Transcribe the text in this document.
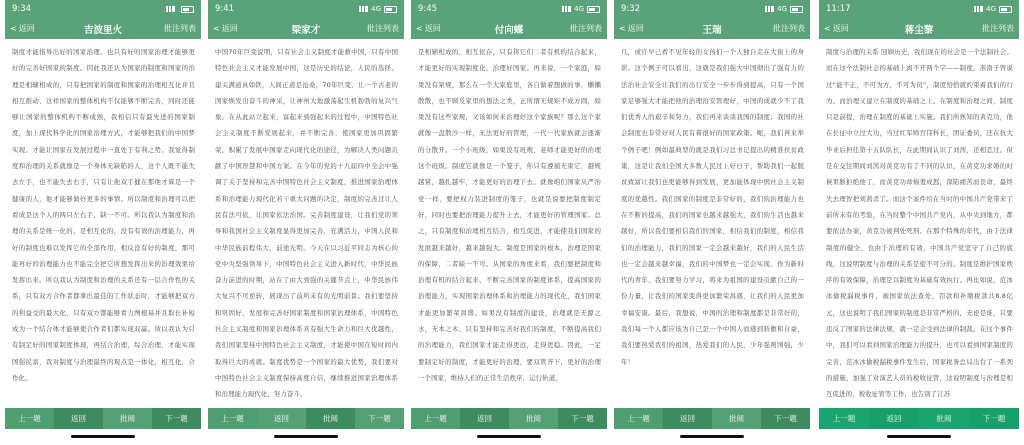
9:34
< 返回	吉波里火	批注列表
制度才能指导出好的国家治理。也只有好的国家治理才能够更好的完善好国家的制度。因此我还认为国家的制度和国家的治理是相辅相成的，只有把国家的制度和国家的治理相互化并且相互推动，这样国家的整体机构不仅能够不断完善，同时还能够让国家的整体机构不断成熟，我相信只有最先进的国家制度，加上现代科学化的国家治理方式，才能够把我们的中国梦实现。才能让国家在发展过程中一直处于有利之势。我觉得制度和治理的关系就像是一个身体无缺陷的人，这个人既不能失去左手，也不能失去右手，只有让他双手健在那他才算是一个健康的人，他才能够做好更多的事情。所以制度和治理可以把看成是这个人的两只左右手，缺一不可。所以我认为制度和治理的关系是统一化的，是相互化的，没有有效的治理能力，再好的制度也难以发挥它的全部作用，相反没有好的制度，那可能再好的治理能力也不能完全把它所想发挥出来的治理效果给发挥出来。所以我认为制度和治理的关系还有一层合作性的关系，只有双方合作者都拿出最佳的工作状态时，才能够把双方的利益受的最大化，只有双方都能够看力图根基并且取长补短成为一个结合体才能够使合作者们都实现双赢。所以我认为只有制定好的国家制度体现，再结合治理，综合治理，才能实现国强民富，我对制度与治理最终的观点是一体化，相互化，合作化。
上一题	返回	批阅	下一题
9:41	4G
< 返回	梁家才	批注列表
中国70年巨变说明，只有社会主义制度才能救中国，只有中国特色社会主义才能发展中国，这是历史的结论，人民的选择。建关满道真如铁，人间正道是沧桑，70年巨变，让一个古老的国家焕发出奋斗的神采，让神州大地激荡起生机勃勃的复兴气象。在从此站立起来，富起来到强起来的过程中，中国特色社会主义制度不断发展起来，并不断完善，使国家更加巩固繁荣，积累了发展中国家走向现代化的途径，为解决人类问题贡献了中国智慧和中国方案。在今年的党的十九届四中全会中强调了关于坚持和完善中国特色社会主义制度，推进国家治理体系和治理能力现代化若干重大问题的决定，制度的完善过让人民有法可依，让国家依法治国。完善制度建设，让我们党的领导和我国社会主义制度显得更加完善，充满活力，中国人民和中华民族前程伟大，前途光明。今天在以习近平同志为核心的党中央坚强领导下，中国特色社会主义进入新时代，中华民族奋力前进的时期，站在了由大到强的关键节点上，中华民族伟大复兴不可逆转，展现出了前所未有的光明前景。我们要坚持和巩固好、发展和完善好国家制度和国家治理体系，中国特色社会主义制度和国家治理体系具有强大生命力和巨大优越性，我们国家坚持中国特色社会主义制度，才能使中国在短时间内取得巨大的成就。制度优势是一个国家的最大优势，我们要对中国特色社会主义制度保持高度自信，继续推进国家治理体系和治理能力现代化，努力奋斗。
上一题	返回	批阅	下一题
9:45	4G
< 返回	付向蝶	批注列表
是相辅相成的，相互依存，只有将它们二者有机的结合起来，才能更好的实现制度化，治理好国家。再来说，一个家庭，如果没有家规，那么在一个大家庭里，各自做着想做的事，懒懒散散，也不顾及家里的想法之类，正所谓无规矩不成方圆，如果没有这些家规，又该如何来治理好这个家族呢？那么这个家就像一盘散沙一样，无法更好的管理，一代一代家族就会逐渐的分散开。一个小班级，如果没有班规，老师才能更好的治理这个班级。制度它就像是一个笼子，你只有遵循无束它，越规越紧，越扎越牢，才能更好的治理下去。就像咱们国家从严治党一样，要把权力装进制度的笼子，也就是说要把制度制定好，同时也要把治理能力提升上去，才能更好的管理国家。总之，只有制度和治理相互结合，相互促进，才能使我们国家的发展越来越好，越来越强大。制度是国家的根本，治理是国家的保障，二者缺一不可。从国家的角度来看，我们要把制度和治理有机的结合起来，不断完善国家的制度体系，提高国家的治理能力，实现国家治理体系和治理能力的现代化，我们国家才能更加繁荣昌盛。如果没有制度的建设，治理就是无源之水，无本之木，只有坚持和完善好我们的制度，不断提高我们的治理能力，我们国家才能走得更远，走得更稳。因此，一定要制定好的制度，才能更好的治理，要双管齐下，更好的治理一个国家，维持人们的正常生活秩序，运行轨道。
上一题	返回	批阅	下一题
9:32	4G
< 返回	王瑞	批注列表
几，或许早已看不见年轻的女孩们一个人独自走在大街上的身影。这个例子可以看出，这就是我们强大中国彻出了强有力的法治社会安全让我们的出行安全一步步得到提高，只有一个国家足够强大才能把他的治理治安管理好，中国的成就少不了我们优秀人的艰辛和努力，我们再来谈谈我国的制度；我国的社会制度也非常好对人民有着很好的国家政策。呃，我们再来举个例子吧！例如最典型的就是我们习总书记提出的精准扶贫政策，这是让我们全国大多数人民过上好日子，帮助我们一起脱贫致富让我们也更能够得到发展，更加能体现中国社会主义制度的优越性。我们国家的制度是非常好的，我们的治理能力也在不断的提高，我们的国家也越来越强大，我们的生活也越来越好，所以我们要相信我们的国家，相信我们的制度，相信我们的治理能力，我们的国家一定会越来越好，我们的人民生活也一定会越来越幸福，我们的中国梦也一定会实现。作为新时代的青年，我们要努力学习，将来为祖国的建设贡献自己的一份力量，让我们的国家变得更加繁荣昌盛，让我们的人民更加幸福安康。最后，我想说，中国的治理和制度都是非常好的，我们每一个人都应该为自己是一个中国人而感到骄傲和自豪，我们要热爱我们的祖国，热爱我们的人民，少年强则国强，少年！
上一题	返回	批阅	下一题
11:17	4G
< 返回	蒋尘黎	批注列表
制度与治理的关系 回顾历史，我们现在的社会是一个法制社会。而在这个法制社会的基础上离不开两个字——制度。准南子曾说过“能不正，不可为方，不可为员”，制度恰恰就约束着我们的行为。而治理又建立在制度的基础之上。在制度和治理之间，制度只是前提，治理在制度的基础上实施。我们所熟知的黄克功，他在长征中立过大功，当过红军师宫伟科长，团证委员，还在抗大毕业后担任第十五队队长，在此期间认识了刘茜，还相恋过。但是在交往期间刘茜对黄克功有了不同的认识，在黄克功求婚的时候果断拒绝他了，而黄克功却恼羞成怒，深陷痛苦而丧命，最终失去理智把刘茜杀了。而这个案件给在当时的中国共产党带来了前所未有的考验，在当时整个中国共产党内，从中央到地方，都要依法办案，黄克功被判处死刑。在那个特殊的年代，由于法律制度的健全，也由于治理的有效，中国共产党坚守了自己的底线，这说明制度与治理的关系是密不可分的。制度是维护国家秩序的有效保障，治理是以制度为基础有效执行。再比如说，范冰冰偷税漏税事件，被国家依法查处，罚款和补缴税款共8.8亿元，这也说明了我们国家的制度是非常严格的，无论是谁，只要违反了国家的法律法规，就一定会受到法律的制裁。在这个事件中，我们可以看到国家治理能力的提升，也可以看到国家制度的完善，范冰冰偷税漏税事件发生后，国家税务总局出台了一系列的措施，加强了对演艺人员的税收征管，这说明制度与治理是相互促进的，税收征管等工作，也告别了江苏
上一题	返回	批阅	下一题
